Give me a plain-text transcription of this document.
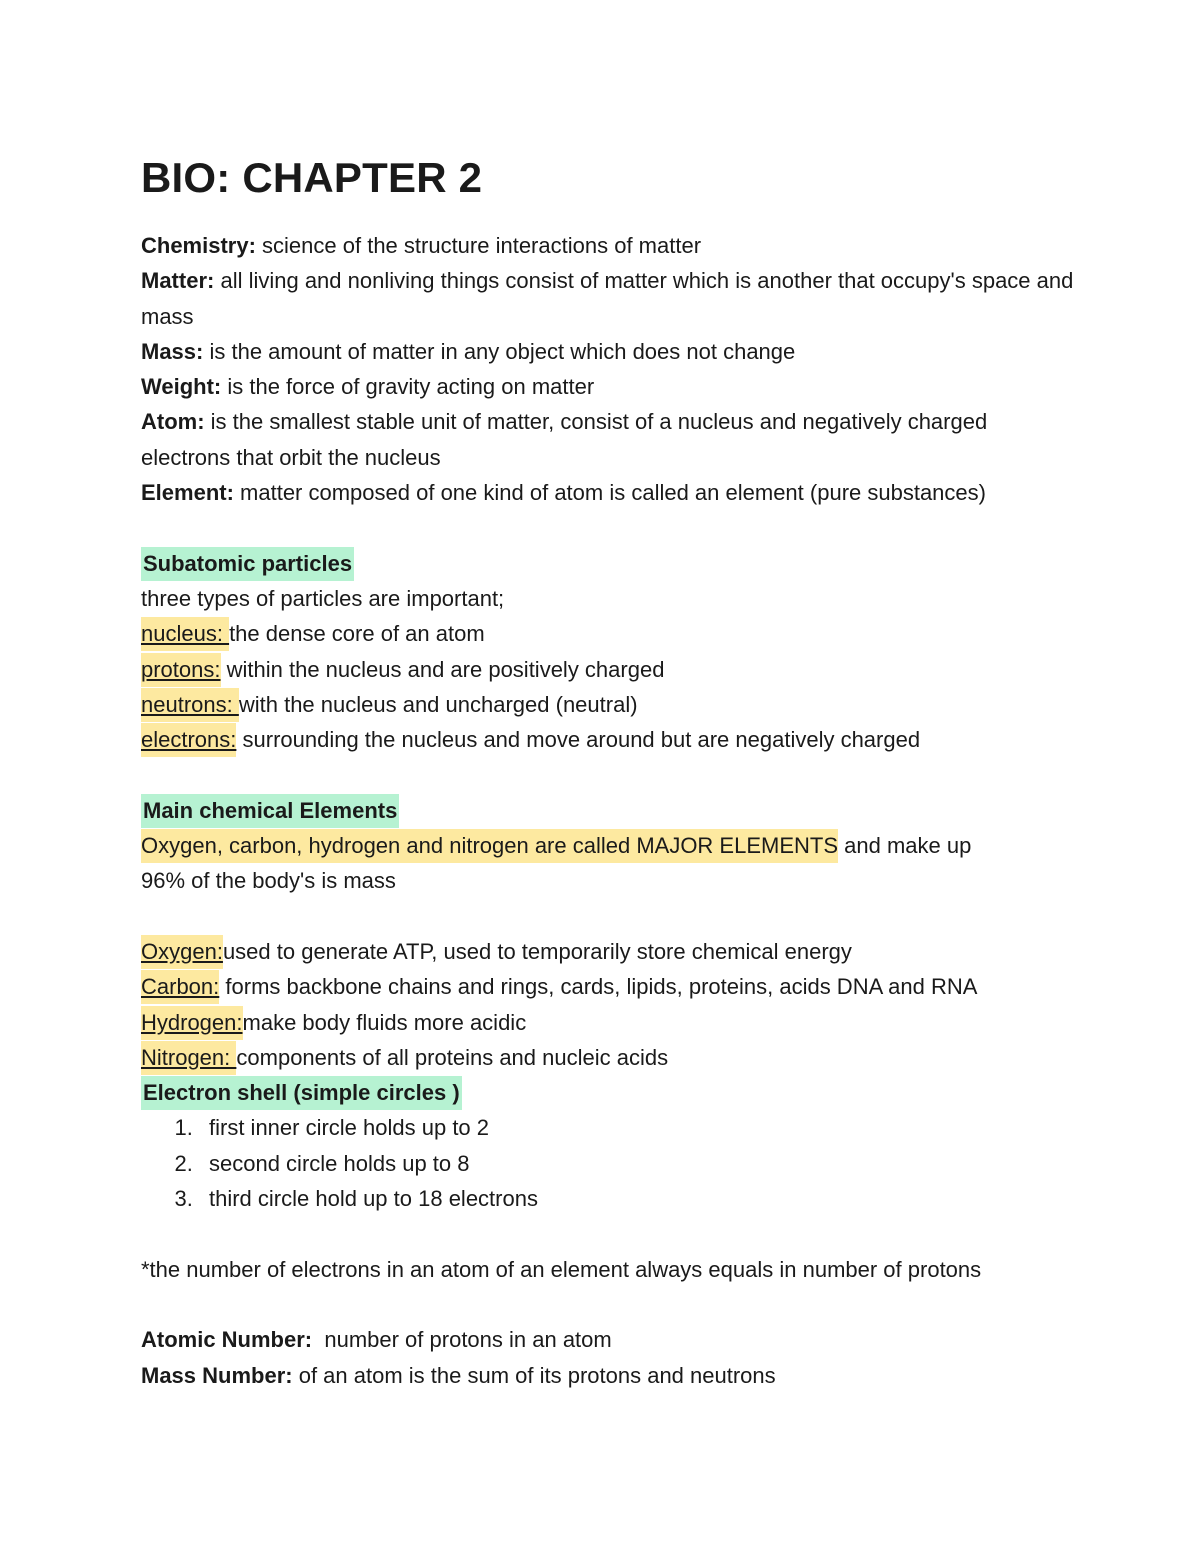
BIO: CHAPTER 2
Chemistry: science of the structure interactions of matter
Matter: all living and nonliving things consist of matter which is another that occupy's space and mass
Mass: is the amount of matter in any object which does not change
Weight: is the force of gravity acting on matter
Atom: is the smallest stable unit of matter, consist of a nucleus and negatively charged electrons that orbit the nucleus
Element: matter composed of one kind of atom is called an element (pure substances)
Subatomic particles
three types of particles are important;
nucleus: the dense core of an atom
protons: within the nucleus and are positively charged
neutrons: with the nucleus and uncharged (neutral)
electrons: surrounding the nucleus and move around but are negatively charged
Main chemical Elements
Oxygen, carbon, hydrogen and nitrogen are called MAJOR ELEMENTS and make up
96% of the body's is mass
Oxygen:used to generate ATP, used to temporarily store chemical energy
Carbon: forms backbone chains and rings, cards, lipids, proteins, acids DNA and RNA
Hydrogen:make body fluids more acidic
Nitrogen: components of all proteins and nucleic acids
Electron shell (simple circles )
1. first inner circle holds up to 2
2. second circle holds up to 8
3. third circle hold up to 18 electrons
*the number of electrons in an atom of an element always equals in number of protons
Atomic Number:  number of protons in an atom
Mass Number: of an atom is the sum of its protons and neutrons
